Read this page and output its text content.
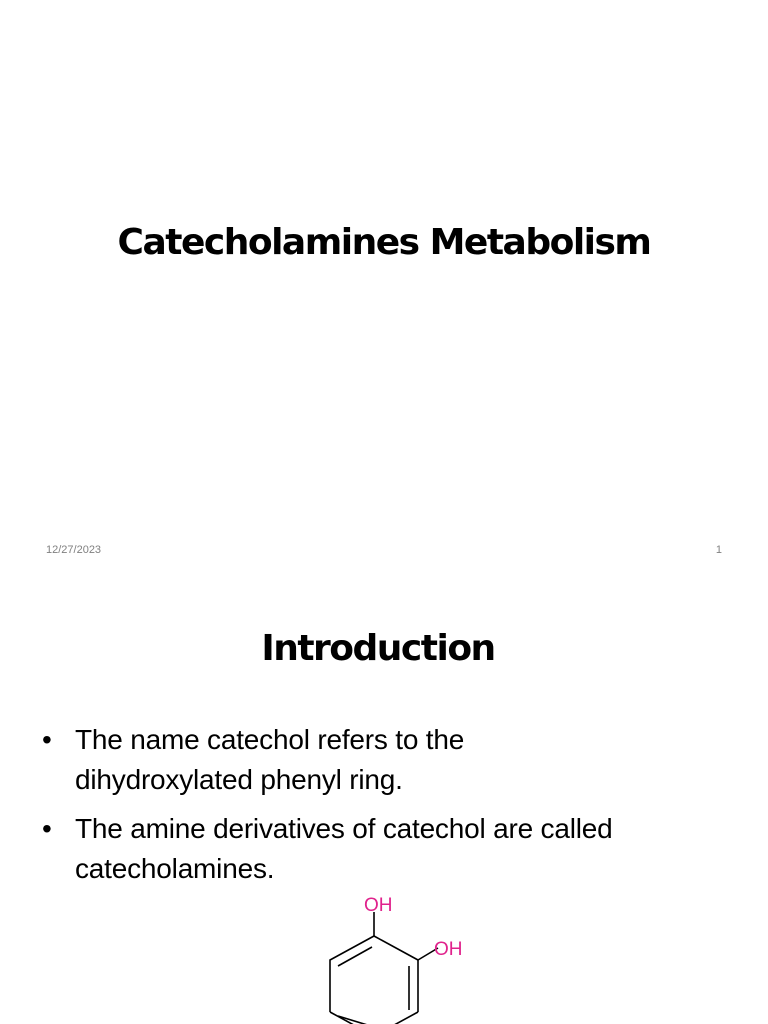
Catecholamines Metabolism
12/27/2023	1
Introduction
• The name catechol refers to the
dihydroxylated phenyl ring.
• The amine derivatives of catechol are called
catecholamines.
OH
OH
